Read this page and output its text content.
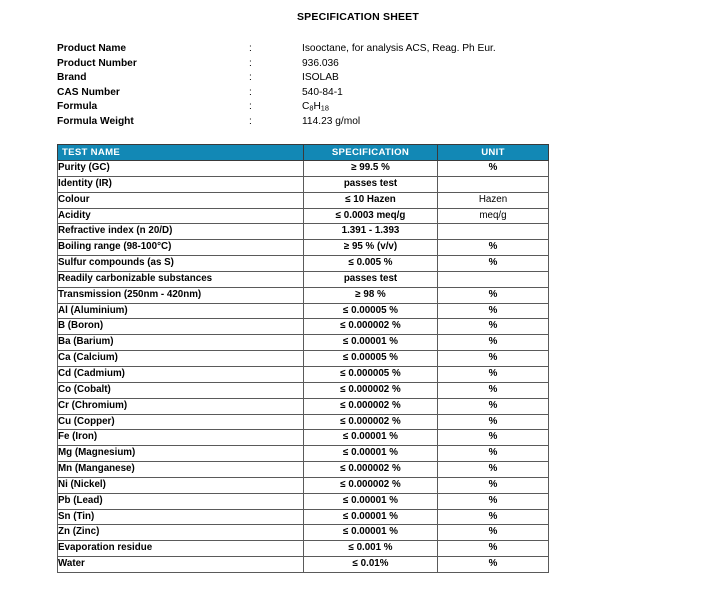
SPECIFICATION SHEET
Product Name	:	Isooctane, for analysis ACS, Reag. Ph Eur.
Product Number	:	936.036
Brand	:	ISOLAB
CAS Number	:	540-84-1
Formula	:	$C_8H_{18}$
Formula Weight	:	114.23 g/mol
TEST NAME	SPECIFICATION	UNIT
Purity (GC)	≥ 99.5 %	%
Identity (IR)	passes test	
Colour	≤ 10 Hazen	Hazen
Acidity	≤ 0.0003 meq/g	meq/g
Refractive index (n 20/D)	1.391 - 1.393	
Boiling range (98-100°C)	≥ 95 % (v/v)	%
Sulfur compounds (as S)	≤ 0.005 %	%
Readily carbonizable substances	passes test	
Transmission (250nm - 420nm)	≥ 98 %	%
Al (Aluminium)	≤ 0.00005 %	%
B (Boron)	≤ 0.000002 %	%
Ba (Barium)	≤ 0.00001 %	%
Ca (Calcium)	≤ 0.00005 %	%
Cd (Cadmium)	≤ 0.000005 %	%
Co (Cobalt)	≤ 0.000002 %	%
Cr (Chromium)	≤ 0.000002 %	%
Cu (Copper)	≤ 0.000002 %	%
Fe (Iron)	≤ 0.00001 %	%
Mg (Magnesium)	≤ 0.00001 %	%
Mn (Manganese)	≤ 0.000002 %	%
Ni (Nickel)	≤ 0.000002 %	%
Pb (Lead)	≤ 0.00001 %	%
Sn (Tin)	≤ 0.00001 %	%
Zn (Zinc)	≤ 0.00001 %	%
Evaporation residue	≤ 0.001 %	%
Water	≤ 0.01%	%
